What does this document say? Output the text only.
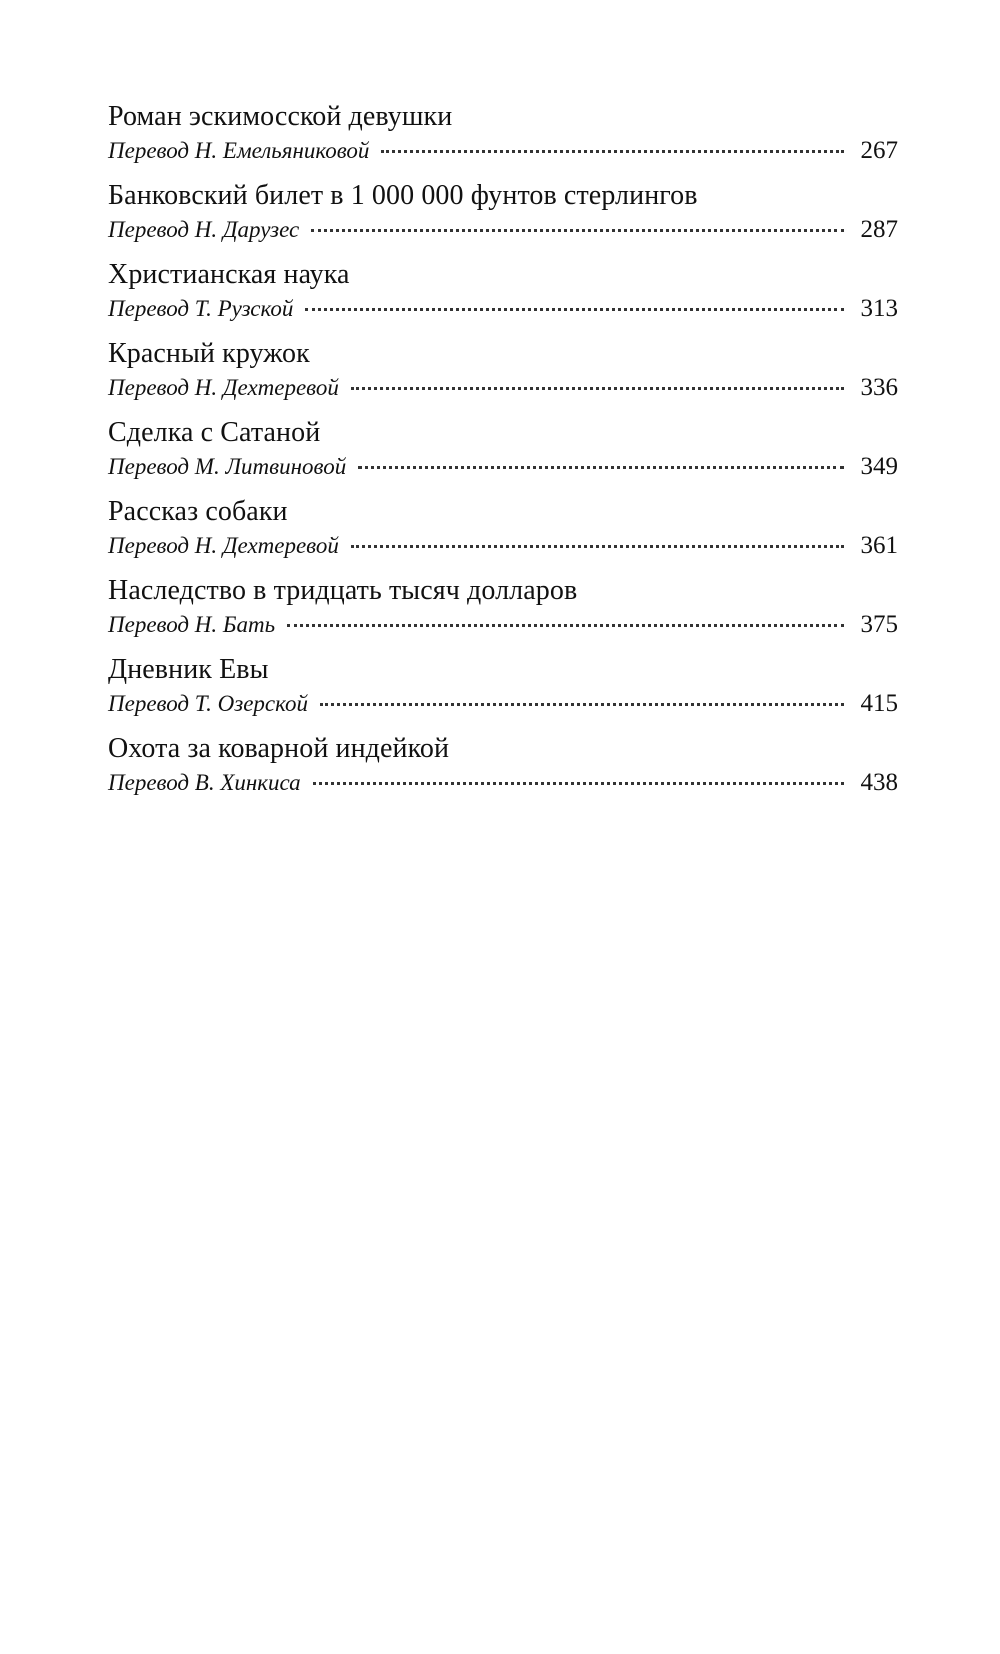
Роман эскимосской девушки
Перевод Н. Емельяниковой	267
Банковский билет в 1 000 000 фунтов стерлингов
Перевод Н. Дарузес	287
Христианская наука
Перевод Т. Рузской	313
Красный кружок
Перевод Н. Дехтеревой	336
Сделка с Сатаной
Перевод М. Литвиновой	349
Рассказ собаки
Перевод Н. Дехтеревой	361
Наследство в тридцать тысяч долларов
Перевод Н. Бать	375
Дневник Евы
Перевод Т. Озерской	415
Охота за коварной индейкой
Перевод В. Хинкиса	438
